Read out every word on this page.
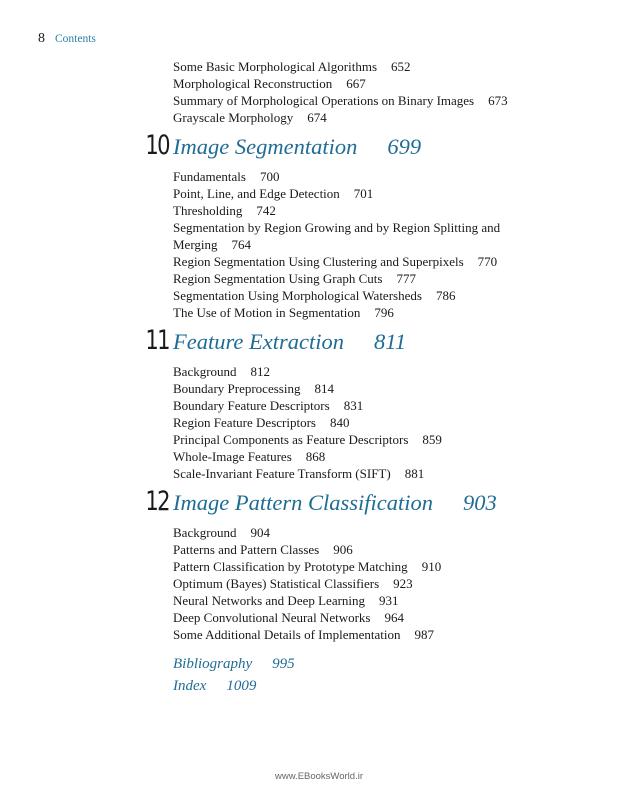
8 Contents
Some Basic Morphological Algorithms 652
Morphological Reconstruction 667
Summary of Morphological Operations on Binary Images 673
Grayscale Morphology 674
10 Image Segmentation 699
Fundamentals 700
Point, Line, and Edge Detection 701
Thresholding 742
Segmentation by Region Growing and by Region Splitting and Merging 764
Region Segmentation Using Clustering and Superpixels 770
Region Segmentation Using Graph Cuts 777
Segmentation Using Morphological Watersheds 786
The Use of Motion in Segmentation 796
11 Feature Extraction 811
Background 812
Boundary Preprocessing 814
Boundary Feature Descriptors 831
Region Feature Descriptors 840
Principal Components as Feature Descriptors 859
Whole-Image Features 868
Scale-Invariant Feature Transform (SIFT) 881
12 Image Pattern Classification 903
Background 904
Patterns and Pattern Classes 906
Pattern Classification by Prototype Matching 910
Optimum (Bayes) Statistical Classifiers 923
Neural Networks and Deep Learning 931
Deep Convolutional Neural Networks 964
Some Additional Details of Implementation 987
Bibliography 995
Index 1009
www.EBooksWorld.ir
